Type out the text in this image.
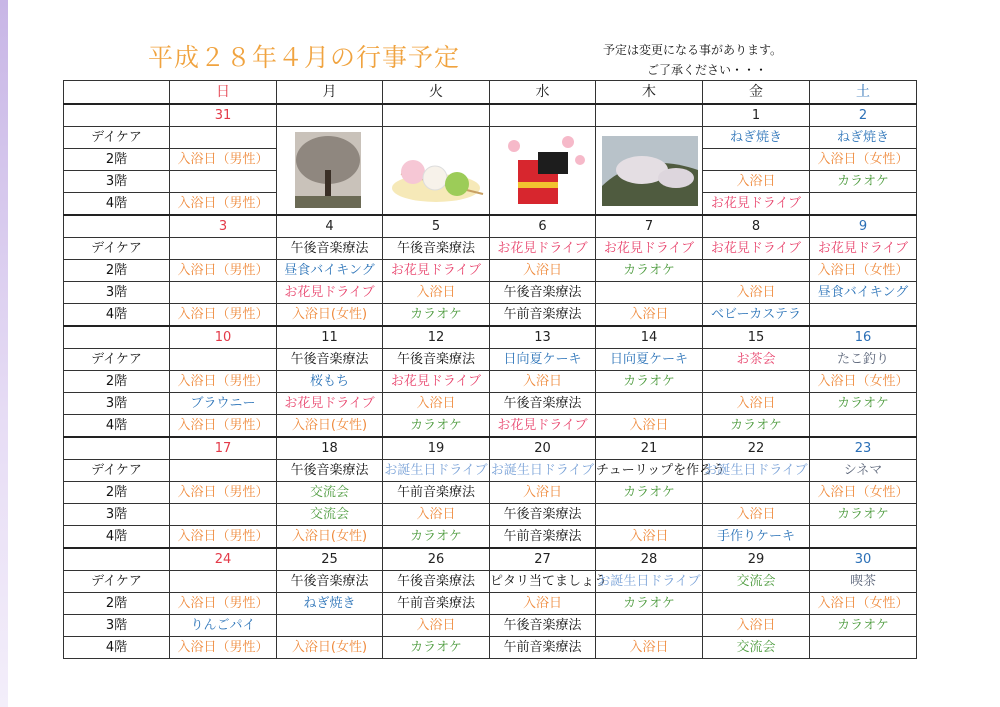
平成２８年４月の行事予定	予定は変更になる事があります。
ご了承ください・・・
	日	月	火	水	木	金	土
	31					1	2
デイケア						ねぎ焼き	ねぎ焼き
2階	入浴日（男性）						入浴日（女性）
3階						入浴日	カラオケ
4階	入浴日（男性）					お花見ドライブ	
	3	4	5	6	7	8	9
デイケア		午後音楽療法	午後音楽療法	お花見ドライブ	お花見ドライブ	お花見ドライブ	お花見ドライブ
2階	入浴日（男性）	昼食バイキング	お花見ドライブ	入浴日	カラオケ		入浴日（女性）
3階		お花見ドライブ	入浴日	午後音楽療法		入浴日	昼食バイキング
4階	入浴日（男性）	入浴日(女性)	カラオケ	午前音楽療法	入浴日	ベビーカステラ	
	10	11	12	13	14	15	16
デイケア		午後音楽療法	午後音楽療法	日向夏ケーキ	日向夏ケーキ	お茶会	たこ釣り
2階	入浴日（男性）	桜もち	お花見ドライブ	入浴日	カラオケ		入浴日（女性）
3階	ブラウニー	お花見ドライブ	入浴日	午後音楽療法		入浴日	カラオケ
4階	入浴日（男性）	入浴日(女性)	カラオケ	お花見ドライブ	入浴日	カラオケ	
	17	18	19	20	21	22	23
デイケア		午後音楽療法	お誕生日ドライブ	お誕生日ドライブ	チューリップを作ろう	お誕生日ドライブ	シネマ
2階	入浴日（男性）	交流会	午前音楽療法	入浴日	カラオケ		入浴日（女性）
3階		交流会	入浴日	午後音楽療法		入浴日	カラオケ
4階	入浴日（男性）	入浴日(女性)	カラオケ	午前音楽療法	入浴日	手作りケーキ	
	24	25	26	27	28	29	30
デイケア		午後音楽療法	午後音楽療法	ピタリ当てましょう	お誕生日ドライブ	交流会	喫茶
2階	入浴日（男性）	ねぎ焼き	午前音楽療法	入浴日	カラオケ		入浴日（女性）
3階	りんごパイ		入浴日	午後音楽療法		入浴日	カラオケ
4階	入浴日（男性）	入浴日(女性)	カラオケ	午前音楽療法	入浴日	交流会	
